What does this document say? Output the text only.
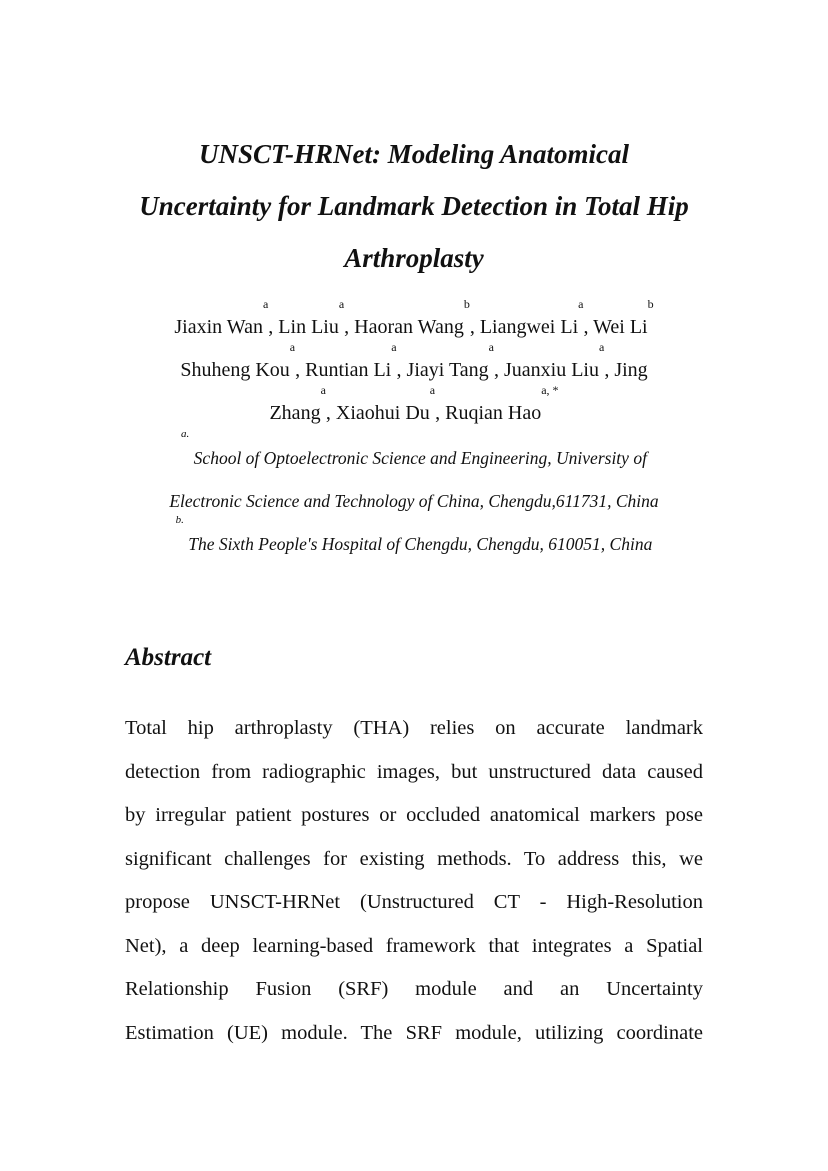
UNSCT-HRNet: Modeling Anatomical
Uncertainty for Landmark Detection in Total Hip
Arthroplasty
Jiaxin Wan$^a$, Lin Liu$^a$, Haoran Wang$^b$, Liangwei Li$^a$, Wei Li$^b$
Shuheng Kou$^a$, Runtian Li$^a$, Jiayi Tang$^a$, Juanxiu Liu$^a$, Jing
Zhang$^a$, Xiaohui Du$^a$, Ruqian Hao$^{a, *}$
$^{a.}$ School of Optoelectronic Science and Engineering, University of
Electronic Science and Technology of China, Chengdu,611731, China
$^{b.}$ The Sixth People's Hospital of Chengdu, Chengdu, 610051, China
Abstract
Total hip arthroplasty (THA) relies on accurate landmark
detection from radiographic images, but unstructured data caused
by irregular patient postures or occluded anatomical markers pose
significant challenges for existing methods. To address this, we
propose UNSCT-HRNet (Unstructured CT - High-Resolution
Net), a deep learning-based framework that integrates a Spatial
Relationship Fusion (SRF) module and an Uncertainty
Estimation (UE) module. The SRF module, utilizing coordinate
